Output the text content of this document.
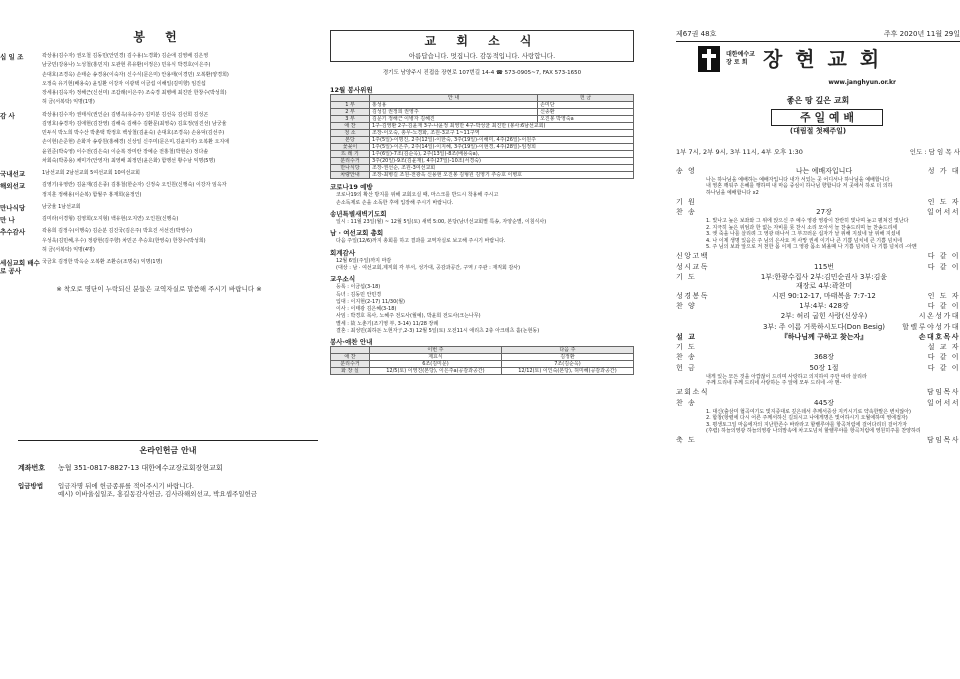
봉 헌
십 일 조	곽상용(김수자) 권오철 김동민(안민경) 김수용(노경화) 김순애 김영배 김은영
남궁민(강용나) 노성철(홍민지) 도관현 류유환(이정은) 민유식 박경호(이은주)
손대호(조경옥) 손태순 송경용(이숙자) 신수식(문은미) 안용태(이경민) 오복환(양경희)
오정숙 유기현(배용숙) 윤일환 이강자 이광택 이금섭 이해일(김미향) 임진섭
장세용(김옥자) 정해근(신선미) 조갑래(이은주) 조숙경 최병배 최진만 한창수(박성희)
허 금(서복탁) 익명(1명)
감 사	곽상용(김수자) 권태식(권인순) 김병옥(유승주) 김미분 김선옥 김선희 김성곤
김영호(송경자) 김애현(김찬영) 김해숙 김해수 김환문(최영숙) 김효정(임진선) 남궁율
민두식 박노희 박수산 박춘택 박정호 백상철(김윤숙) 손대호(조경옥) 손용덕(김선주)
손이현(손준현) 손화자 송광원(홍혜경) 신상일 신주미(문은미,김윤미자) 오복환 오지애
윤원준(박숙영) 이수전(김은숙) 이순복 장미란 장예순 전홍철(박현순) 정다솔
차회숙(박종용) 채미가(안영자) 최영배 최정민(윤은화) 함맹선 황수남 익명(5명)
국내선교	1남선교회 2남선교회 5여선교회 10여선교회
해외선교	김영기(유영란) 김윤재(김은종) 김홍철(한순자) 신정숙 오인원(신행숙) 이강자 임옥자
정지훈 정해용(이순복) 함월주 홍재희(윤정인)
만나식당	남궁율 1남선교회
만 나	김미라(이경형) 김영희(오지형) 백유현(오지연) 오인원(신행숙)
추수감사	곽용희 김정수(이행숙) 김순분 김진국(김은주) 박효진 서선진(박영수)
우성욱(김민혜,우수) 정광현(김주향) 차민곤 추승호(한영숙) 한창수(박성희)
허 금(서복탁) 익명(4명)
세심교회 배수로 공사
국금호 김정한 박옥순 오복환 조환승(조명숙) 익명(1명)
※ 착오로 명단이 누락되신 분들은 교역자실로 말씀해 주시기 바랍니다 ※
온라인헌금 안내
계좌번호	농협 351-0817-8827-13 대한예수교장로회장현교회
입금방법	입금자명 뒤에 헌금종류를 적어주시기 바랍니다.
예시) 이바울십일조, 홍길동감사헌금, 김사라해외선교, 박요셉주일헌금
교 회 소 식
아름답습니다. 멋집니다. 감동적입니다. 사랑합니다.
경기도 남양주시 진접읍 장현로 107번길 14-4 ☎ 573-0905~7, FAX 573-1650
12월 봉사위원
	안 내	헌 금
1 부	홍성용	손미단
2 부	김성길 권정희 권영주	신종환
3 부	김문기 정해근 이병자 김혜진	오진봉 박영숙a
애 찬	1구-김영환 2구-김윤재 3구-나윤정 최영만 4구-박성균 최진만 (봉사:6남선교회)	
청 소	조장-이오숙, 총무-노경화, 조원-3교구 1~11구역	
본당	1주(5일)-이명진, 2주(12일)-이한숙, 3주(19일)-이해미, 4주(26일)-이원주	
꽃꽂이	1주(5일)-이은주, 2주(14일)-이지혜, 3주(19일)-이현경, 4주(28일)-임정희	
뜨 레 기	1주(6일)-7조(김순옥), 2주(13일)-8조(배용숙a),	
분리수거	3주(20일)-9조(김윤재), 4주(27일)-10조(서경숙)	
만나식당	조장-권선순, 조원-3여선교회	
차량안내	조장-최병길 조원-전광옥 신용현 오진봉 김형원 김영기 추승호 이병호	
코로나19 예방
코로나19의 확산 방지를 위해 교회오실 때, 마스크를 반드시 착용해 주시고
손소독제로 손을 소독한 후에 입장해 주시기 바랍니다.
송년특별새벽기도회
일시 : 11월 23일(월) ~ 12월 5일(토) 새벽 5:00, 본당(남녀선교회별 특송, 자양순별, 이침식사)
남 · 여선교회 총회
다음 주일(12/6)까지 총회를 하고 결과를 교역자실로 보고해 주시기 바랍니다.
회계감사
12월 6일(주일)까지 마감
(대상 : 남 · 여선교회,제직회 각 부서, 성가대, 공감과공간, 구역 / 주관 : 재직회 감사)
교우소식
등록 : 이금섭(3-18)
득녀 : 김동민 안민경
입대 : 이지현(2-17) 11/30(월)
이사 : 이태광 김은혜(3-18)
사임 : 박경호 목사, 노혜주 전도사(월예), 박윤희 전도사(크는나무)
별세 : 故 노춘기(조기영 부, 3-14) 11/28 장례
결혼 : 최성민(최하돈 노현자子,2-3) 12월 5일(토) 오전11시 애리츠 2층 아크테츠 홀(논현동)
봉사·애찬 안내
	이번 주	다음 주
애 찬	제효식	김정환
분리수거	6조(김미문)	7조(김순옥)
화 장 실	12/5(토) 이영진(본당), 이은주a(공감과공간)	12/12(토) 이인숙(본당), 허미혜(공감과공간)
제67권 48호	주후 2020년 11월 29일
대한예수교
장 로 회 장 현 교 회
www.janghyun.or.kr
좋은 땅 깊은 교회
주 일 예 배
(대림절 첫째주일)
1부 7시, 2부 9시, 3부 11시, 4부 오후 1:30	인도 : 담 임 목 사
송 영	나는 예배자입니다	성 가 대
나는 하나님을 예배하는 예배자입니다 내가 서있는 곳 어디서나 하나님을 예배합니다
내 영혼 깨워주 은혜를 행하며 내 마음 중심이 하나님 향합니다 저 곳에서 하로 더 의하
하나님을 예배합니다 x2
기 원	인 도 자
찬 송	27장	일어서서
1. 빛나고 높은 보좌와 그 위에 앉으신 주 예수 영광 영광이 찬란히 빛나며 높고 펼쳐진 빛난다
2. 지극히 높은 위엄과 한 없는 자비를 못 찬시 소리 모아서 늘 찬송드리며 늘 찬송드리세
3. 엣 죽을 나를 살리려 그 영광 떠나서 그 부끄러운 십자가 날 위해 지셨네 날 위해 지셨네
4. 나 이제 생명 있음은 주 님의 은사요 저 사망 권세 이기나 큰 기쁨 넘치네 큰 기쁨 넘치네
5. 주 님의 보좌 앞으로 저 천한 몸 이제 그 영광 몸소 뵈올때 나 기쁨 넘치리 나 기쁨 넘치리 -아멘
신앙고백	다 같 이
성시교독	115번	다 같 이
기 도	1부:한광수집사 2부:김민순권사 3부:김윤재장로 4부:곽찬미
성경봉독	시편 90:12-17, 마태복음 7:7-12	인 도 자
찬 양	1부:4부: 428장	다 같 이
2부: 허리 굽힌 사랑(신상우)	시온성가대
3부: 주 이름 거룩하시도다(Don Besig)	할렐루야성가대
설 교	『하나님께 구하고 찾는자』	손대호목사
기 도	설 교 자
찬 송	368장	다 같 이
헌 금	50장 1절	다 같 이
내게 있는 모든 것을 아깝잖이 드리며 사랑하고 의지하여 주만 따라 살리라
주께 드리네 주께 드리네 사랑하는 주 앞에 모두 드리네 -아 멘-
교회소식	담임목사
찬 송	445장	일어서서
1. 대신(출삼미 협곡여기도 빛지증대로 깊은데서 추께서증상 지키시기로 약속한말은 변치않아)
2. 합창(항렬에 다시 어른 주께서하신 길되시고 나에게명은 빛어하시기 오월에하며 영에접자)
3. 평생토그일 마음에자의 지난한존수 바라라고 할렐루야를 항곡처럼에 걸어다리더 걸어가자
(후렴) 하늘의영광 하늘의영광 나의맘속에 차고도넘치 할렐루야를 항곡처럼에 영원히주를 찬양하리
축 도	담임목사
